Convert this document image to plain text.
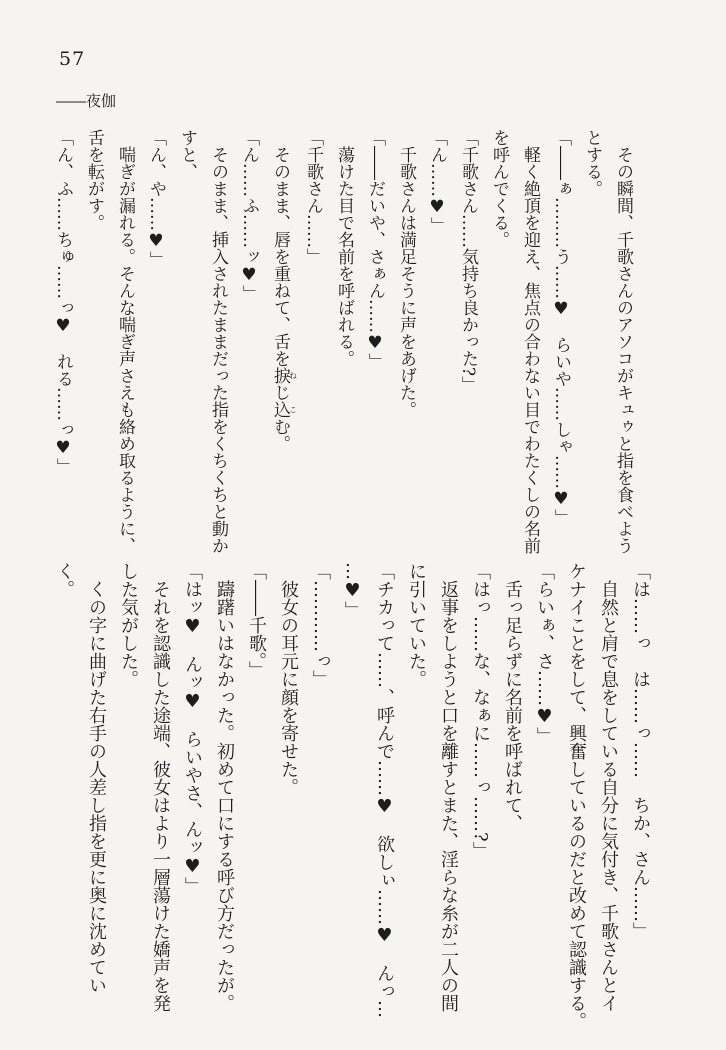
57
――夜伽

その瞬間、千歌さんのアソコがキュゥと指を食べよう

とする。

「――ぁ………う……♥　らいや……しゃ……♥」

軽く絶頂を迎え、焦点の合わない目でわたくしの名前

を呼んでくる。

「千歌さん……気持ち良かった?」

「ん……♥」

千歌さんは満足そうに声をあげた。

「――だいや、さぁん……♥」

蕩けた目で名前を呼ばれる。

「千歌さん……」

そのまま、唇を重ねて、舌を捩ねじ込こむ。

「ん……ふ……ッ♥」

そのまま、挿入されたままだった指をくちくちと動か

すと、

「ん、や……♥」

喘ぎが漏れる。そんな喘ぎ声さえも絡め取るように、

舌を転がす。

「ん、ふ……ちゅ……っ♥　れる……っ♥」

「は……っ　は……っ……　ちか、さん……」

自然と肩で息をしている自分に気付き、千歌さんとイ

ケナイことをして、興奮しているのだと改めて認識する。

「らいぁ、さ……♥」

舌っ足らずに名前を呼ばれて、

「はっ……な、なぁに……っ……?」

返事をしようと口を離すとまた、淫らな糸が二人の間

に引いていた。

「チカって……、呼んで……♥　欲しぃ……♥　んっ…

…♥」

「…………っ」

彼女の耳元に顔を寄せた。

「――千歌。」

躊躇いはなかった。初めて口にする呼び方だったが。

「はッ♥　んッ♥　らいやさ、んッ♥」

それを認識した途端、彼女はより一層蕩けた嬌声を発

した気がした。

くの字に曲げた右手の人差し指を更に奥に沈めてい

く。
